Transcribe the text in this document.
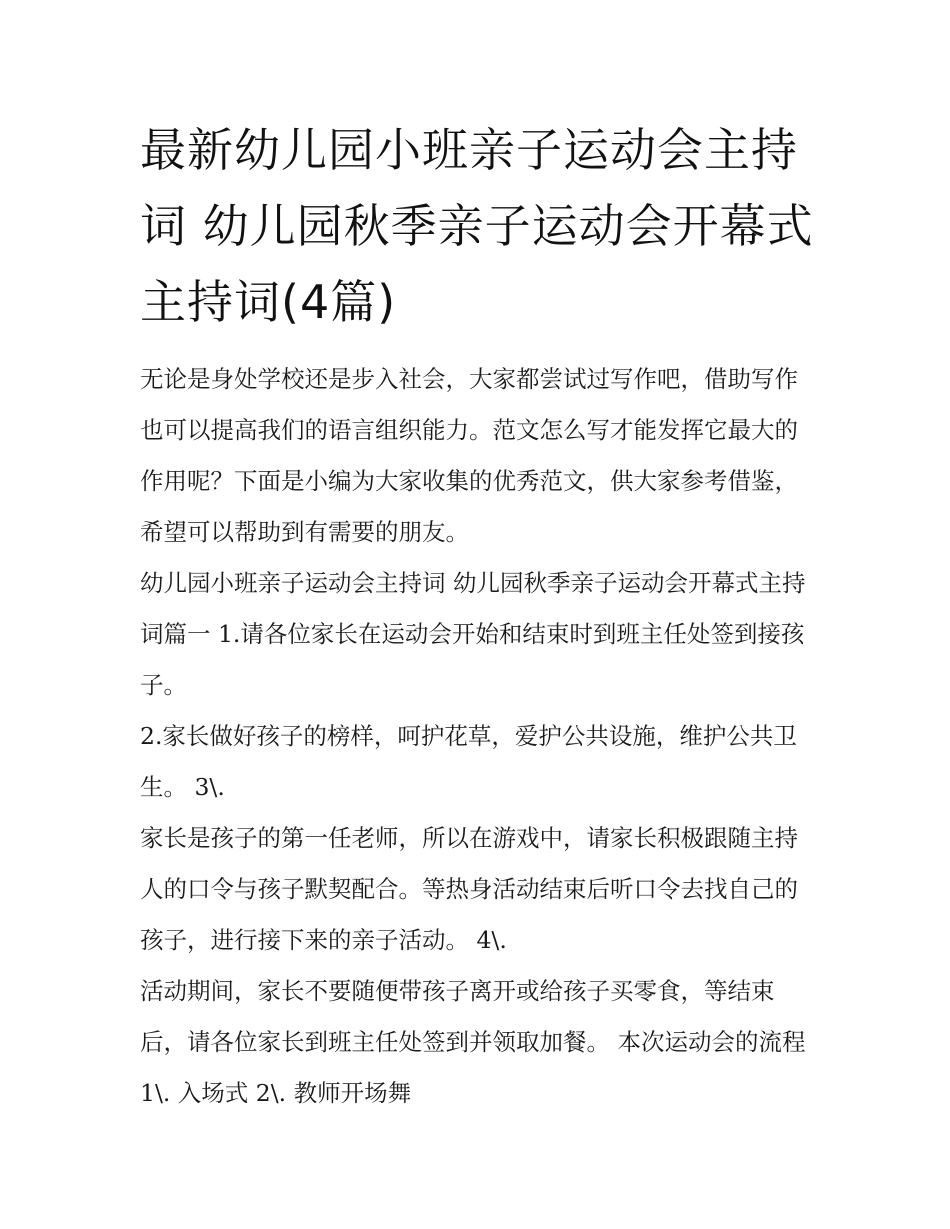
最新幼儿园小班亲子运动会主持词 幼儿园秋季亲子运动会开幕式主持词(4篇)

无论是身处学校还是步入社会，大家都尝试过写作吧，借助写作也可以提高我们的语言组织能力。范文怎么写才能发挥它最大的作用呢？下面是小编为大家收集的优秀范文，供大家参考借鉴，希望可以帮助到有需要的朋友。

幼儿园小班亲子运动会主持词 幼儿园秋季亲子运动会开幕式主持词篇一 1.请各位家长在运动会开始和结束时到班主任处签到接孩子。

2.家长做好孩子的榜样，呵护花草，爱护公共设施，维护公共卫生。 3\.

家长是孩子的第一任老师，所以在游戏中，请家长积极跟随主持人的口令与孩子默契配合。等热身活动结束后听口令去找自己的孩子，进行接下来的亲子活动。 4\.

活动期间，家长不要随便带孩子离开或给孩子买零食，等结束后，请各位家长到班主任处签到并领取加餐。 本次运动会的流程 1\. 入场式 2\. 教师开场舞
